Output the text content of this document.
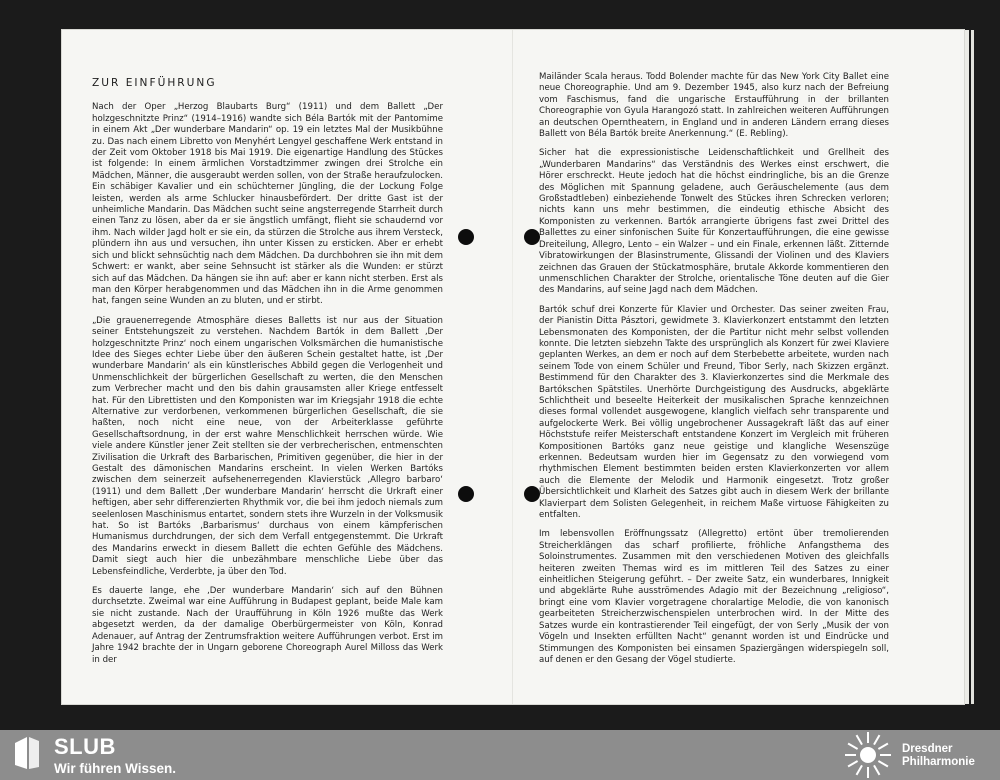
ZUR EINFÜHRUNG

Nach der Oper „Herzog Blaubarts Burg“ (1911) und dem Ballett „Der holzgeschnitzte Prinz“ (1914–1916) wandte sich Béla Bartók mit der Pantomime in einem Akt „Der wunderbare Mandarin“ op. 19 ein letztes Mal der Musikbühne zu. Das nach einem Libretto von Menyhért Lengyel geschaffene Werk entstand in der Zeit vom Oktober 1918 bis Mai 1919. Die eigenartige Handlung des Stückes ist folgende: In einem ärmlichen Vorstadtzimmer zwingen drei Strolche ein Mädchen, Männer, die ausgeraubt werden sollen, von der Straße heraufzulocken. Ein schäbiger Kavalier und ein schüchterner Jüngling, die der Lockung Folge leisten, werden als arme Schlucker hinausbefördert. Der dritte Gast ist der unheimliche Mandarin. Das Mädchen sucht seine angsterregende Starrheit durch einen Tanz zu lösen, aber da er sie ängstlich umfängt, flieht sie schaudernd vor ihm. Nach wilder Jagd holt er sie ein, da stürzen die Strolche aus ihrem Versteck, plündern ihn aus und versuchen, ihn unter Kissen zu ersticken. Aber er erhebt sich und blickt sehnsüchtig nach dem Mädchen. Da durchbohren sie ihn mit dem Schwert: er wankt, aber seine Sehnsucht ist stärker als die Wunden: er stürzt sich auf das Mädchen. Da hängen sie ihn auf: aber er kann nicht sterben. Erst als man den Körper herabgenommen und das Mädchen ihn in die Arme genommen hat, fangen seine Wunden an zu bluten, und er stirbt.

„Die grauenerregende Atmosphäre dieses Balletts ist nur aus der Situation seiner Entstehungszeit zu verstehen. Nachdem Bartók in dem Ballett ‚Der holzgeschnitzte Prinz‘ noch einem ungarischen Volksmärchen die humanistische Idee des Sieges echter Liebe über den äußeren Schein gestaltet hatte, ist ‚Der wunderbare Mandarin‘ als ein künstlerisches Abbild gegen die Verlogenheit und Unmenschlichkeit der bürgerlichen Gesellschaft zu werten, die den Menschen zum Verbrecher macht und den bis dahin grausamsten aller Kriege entfesselt hat. Für den Librettisten und den Komponisten war im Kriegsjahr 1918 die echte Alternative zur verdorbenen, verkommenen bürgerlichen Gesellschaft, die sie haßten, noch nicht eine neue, von der Arbeiterklasse geführte Gesellschaftsordnung, in der erst wahre Menschlichkeit herrschen würde. Wie viele andere Künstler jener Zeit stellten sie der verbrecherischen, entmenschten Zivilisation die Urkraft des Barbarischen, Primitiven gegenüber, die hier in der Gestalt des dämonischen Mandarins erscheint. In vielen Werken Bartóks zwischen dem seinerzeit aufsehenerregenden Klavierstück ‚Allegro barbaro‘ (1911) und dem Ballett ‚Der wunderbare Mandarin‘ herrscht die Urkraft einer heftigen, aber sehr differenzierten Rhythmik vor, die bei ihm jedoch niemals zum seelenlosen Maschinismus entartet, sondern stets ihre Wurzeln in der Volksmusik hat. So ist Bartóks ‚Barbarismus‘ durchaus von einem kämpferischen Humanismus durchdrungen, der sich dem Verfall entgegenstemmt. Die Urkraft des Mandarins erweckt in diesem Ballett die echten Gefühle des Mädchens. Damit siegt auch hier die unbezähmbare menschliche Liebe über das Lebensfeindliche, Verderbte, ja über den Tod.

Es dauerte lange, ehe ‚Der wunderbare Mandarin‘ sich auf den Bühnen durchsetzte. Zweimal war eine Aufführung in Budapest geplant, beide Male kam sie nicht zustande. Nach der Uraufführung in Köln 1926 mußte das Werk abgesetzt werden, da der damalige Oberbürgermeister von Köln, Konrad Adenauer, auf Antrag der Zentrumsfraktion weitere Aufführungen verbot. Erst im Jahre 1942 brachte der in Ungarn geborene Choreograph Aurel Milloss das Werk in der

Mailänder Scala heraus. Todd Bolender machte für das New York City Ballet eine neue Choreographie. Und am 9. Dezember 1945, also kurz nach der Befreiung vom Faschismus, fand die ungarische Erstaufführung in der brillanten Choreographie von Gyula Harangozó statt. In zahlreichen weiteren Aufführungen an deutschen Operntheatern, in England und in anderen Ländern errang dieses Ballett von Béla Bartók breite Anerkennung.“ (E. Rebling).

Sicher hat die expressionistische Leidenschaftlichkeit und Grellheit des „Wunderbaren Mandarins“ das Verständnis des Werkes einst erschwert, die Hörer erschreckt. Heute jedoch hat die höchst eindringliche, bis an die Grenze des Möglichen mit Spannung geladene, auch Geräuschelemente (aus dem Großstadtleben) einbeziehende Tonwelt des Stückes ihren Schrecken verloren; nichts kann uns mehr bestimmen, die eindeutig ethische Absicht des Komponisten zu verkennen. Bartók arrangierte übrigens fast zwei Drittel des Ballettes zu einer sinfonischen Suite für Konzertaufführungen, die eine gewisse Dreiteilung, Allegro, Lento – ein Walzer – und ein Finale, erkennen läßt. Zitternde Vibratowirkungen der Blasinstrumente, Glissandi der Violinen und des Klaviers zeichnen das Grauen der Stückatmosphäre, brutale Akkorde kommentieren den unmenschlichen Charakter der Strolche, orientalische Töne deuten auf die Gier des Mandarins, auf seine Jagd nach dem Mädchen.

Bartók schuf drei Konzerte für Klavier und Orchester. Das seiner zweiten Frau, der Pianistin Ditta Pásztori, gewidmete 3. Klavierkonzert entstammt den letzten Lebensmonaten des Komponisten, der die Partitur nicht mehr selbst vollenden konnte. Die letzten siebzehn Takte des ursprünglich als Konzert für zwei Klaviere geplanten Werkes, an dem er noch auf dem Sterbebette arbeitete, wurden nach seinem Tode von einem Schüler und Freund, Tibor Serly, nach Skizzen ergänzt. Bestimmend für den Charakter des 3. Klavierkonzertes sind die Merkmale des Bartókschen Spätstiles. Unerhörte Durchgeistigung des Ausdrucks, abgeklärte Schlichtheit und beseelte Heiterkeit der musikalischen Sprache kennzeichnen dieses formal vollendet ausgewogene, klanglich vielfach sehr transparente und aufgelockerte Werk. Bei völlig ungebrochener Aussagekraft läßt das auf einer Höchststufe reifer Meisterschaft entstandene Konzert im Vergleich mit früheren Kompositionen Bartóks ganz neue geistige und klangliche Wesenszüge erkennen. Bedeutsam wurden hier im Gegensatz zu den vorwiegend vom rhythmischen Element bestimmten beiden ersten Klavierkonzerten vor allem auch die Elemente der Melodik und Harmonik eingesetzt. Trotz großer Übersichtlichkeit und Klarheit des Satzes gibt auch in diesem Werk der brillante Klavierpart dem Solisten Gelegenheit, in reichem Maße virtuose Fähigkeiten zu entfalten.

Im lebensvollen Eröffnungssatz (Allegretto) ertönt über tremolierenden Streicherklängen das scharf profilierte, fröhliche Anfangsthema des Soloinstrumentes. Zusammen mit den verschiedenen Motiven des gleichfalls heiteren zweiten Themas wird es im mittleren Teil des Satzes zu einer einheitlichen Steigerung geführt. – Der zweite Satz, ein wunderbares, Innigkeit und abgeklärte Ruhe ausströmendes Adagio mit der Bezeichnung „religioso“, bringt eine vom Klavier vorgetragene choralartige Melodie, die von kanonisch gearbeiteten Streicherzwischenspielen unterbrochen wird. In der Mitte des Satzes wurde ein kontrastierender Teil eingefügt, der von Serly „Musik der von Vögeln und Insekten erfüllten Nacht“ genannt worden ist und Eindrücke und Stimmungen des Komponisten bei einsamen Spaziergängen widerspiegeln soll, auf denen er den Gesang der Vögel studierte.

SLUB
Wir führen Wissen.
Dresdner
Philharmonie
